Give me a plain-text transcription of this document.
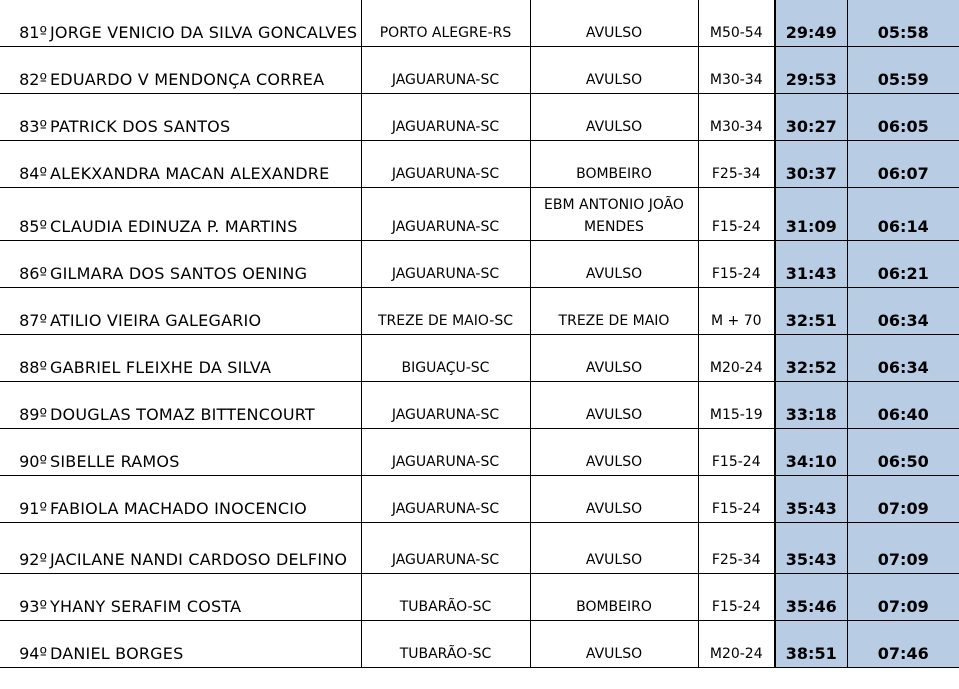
81º	JORGE VENICIO DA SILVA GONCALVES	PORTO ALEGRE-RS	AVULSO	M50-54	29:49	05:58
82º	EDUARDO V MENDONÇA CORREA	JAGUARUNA-SC	AVULSO	M30-34	29:53	05:59
83º	PATRICK DOS SANTOS	JAGUARUNA-SC	AVULSO	M30-34	30:27	06:05
84º	ALEKXANDRA MACAN ALEXANDRE	JAGUARUNA-SC	BOMBEIRO	F25-34	30:37	06:07
85º	CLAUDIA EDINUZA P. MARTINS	JAGUARUNA-SC	EBM ANTONIO JOÃO MENDES	F15-24	31:09	06:14
86º	GILMARA DOS SANTOS OENING	JAGUARUNA-SC	AVULSO	F15-24	31:43	06:21
87º	ATILIO VIEIRA GALEGARIO	TREZE DE MAIO-SC	TREZE DE MAIO	M + 70	32:51	06:34
88º	GABRIEL FLEIXHE DA SILVA	BIGUAÇU-SC	AVULSO	M20-24	32:52	06:34
89º	DOUGLAS TOMAZ BITTENCOURT	JAGUARUNA-SC	AVULSO	M15-19	33:18	06:40
90º	SIBELLE RAMOS	JAGUARUNA-SC	AVULSO	F15-24	34:10	06:50
91º	FABIOLA MACHADO INOCENCIO	JAGUARUNA-SC	AVULSO	F15-24	35:43	07:09
92º	JACILANE NANDI CARDOSO DELFINO	JAGUARUNA-SC	AVULSO	F25-34	35:43	07:09
93º	YHANY SERAFIM COSTA	TUBARÃO-SC	BOMBEIRO	F15-24	35:46	07:09
94º	DANIEL BORGES	TUBARÃO-SC	AVULSO	M20-24	38:51	07:46
